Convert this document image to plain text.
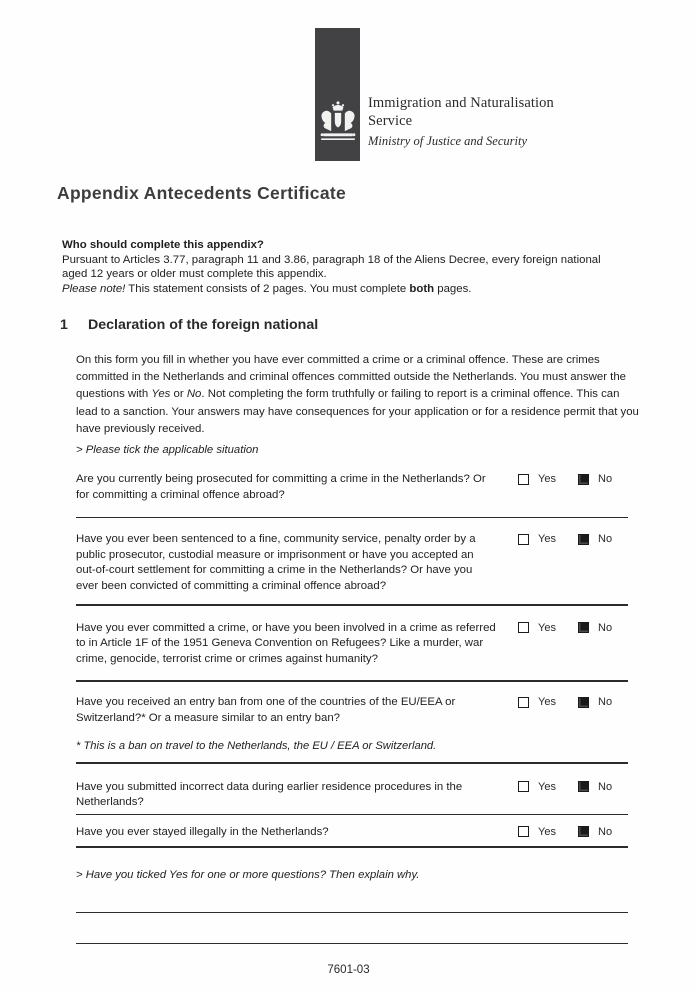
Immigration and Naturalisation
Service
Ministry of Justice and Security
Appendix Antecedents Certificate
Who should complete this appendix?
Pursuant to Articles 3.77, paragraph 11 and 3.86, paragraph 18 of the Aliens Decree, every foreign national aged 12 years or older must complete this appendix.
Please note! This statement consists of 2 pages. You must complete both pages.
1	Declaration of the foreign national
On this form you fill in whether you have ever committed a crime or a criminal offence. These are crimes committed in the Netherlands and criminal offences committed outside the Netherlands. You must answer the questions with Yes or No. Not completing the form truthfully or failing to report is a criminal offence. This can lead to a sanction. Your answers may have consequences for your application or for a residence permit that you have previously received.
> Please tick the applicable situation
Are you currently being prosecuted for committing a crime in the Netherlands? Or for committing a criminal offence abroad?
Yes	No
Have you ever been sentenced to a fine, community service, penalty order by a public prosecutor, custodial measure or imprisonment or have you accepted an out-of-court settlement for committing a crime in the Netherlands? Or have you ever been convicted of committing a criminal offence abroad?
Yes	No
Have you ever committed a crime, or have you been involved in a crime as referred to in Article 1F of the 1951 Geneva Convention on Refugees? Like a murder, war crime, genocide, terrorist crime or crimes against humanity?
Yes	No
Have you received an entry ban from one of the countries of the EU/EEA or Switzerland?* Or a measure similar to an entry ban?
Yes	No
* This is a ban on travel to the Netherlands, the EU / EEA or Switzerland.
Have you submitted incorrect data during earlier residence procedures in the Netherlands?
Yes	No
Have you ever stayed illegally in the Netherlands?	Yes	No
> Have you ticked Yes for one or more questions? Then explain why.
7601-03
